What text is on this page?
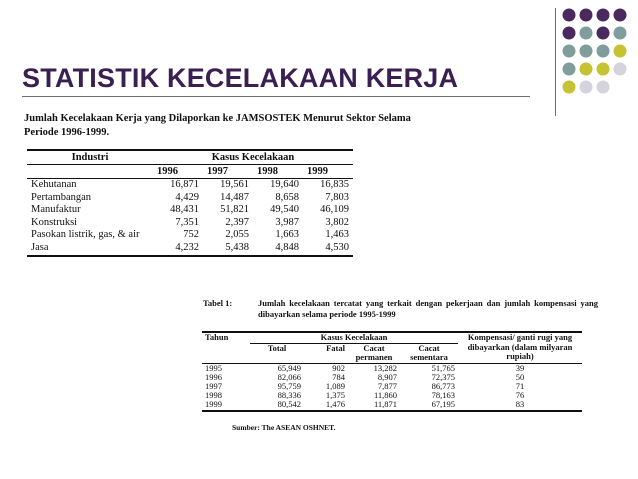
STATISTIK KECELAKAAN KERJA
Jumlah Kecelakaan Kerja yang Dilaporkan ke JAMSOSTEK Menurut Sektor Selama Periode 1996-1999.
Industri	Kasus Kecelakaan			
	1996	1997	1998	1999
Kehutanan	16,871	19,561	19,640	16,835
Pertambangan	4,429	14,487	8,658	7,803
Manufaktur	48,431	51,821	49,540	46,109
Konstruksi	7,351	2,397	3,987	3,802
Pasokan listrik, gas, & air	752	2,055	1,663	1,463
Jasa	4,232	5,438	4,848	4,530
Tabel 1:	Jumlah kecelakaan tercatat yang terkait dengan pekerjaan dan jumlah kompensasi yang dibayarkan selama periode 1995-1999
Tahun	Kasus Kecelakaan				Kompensasi/ ganti rugi yang dibayarkan (dalam milyaran rupiah)
	Total	Fatal	Cacat permanen	Cacat sementara	
1995	65,949	902	13,282	51,765	39
1996	82,066	784	8,907	72,375	50
1997	95,759	1,089	7,877	86,773	71
1998	88,336	1,375	11,860	78,163	76
1999	80,542	1,476	11,871	67,195	83
Sumber: The ASEAN OSHNET.
